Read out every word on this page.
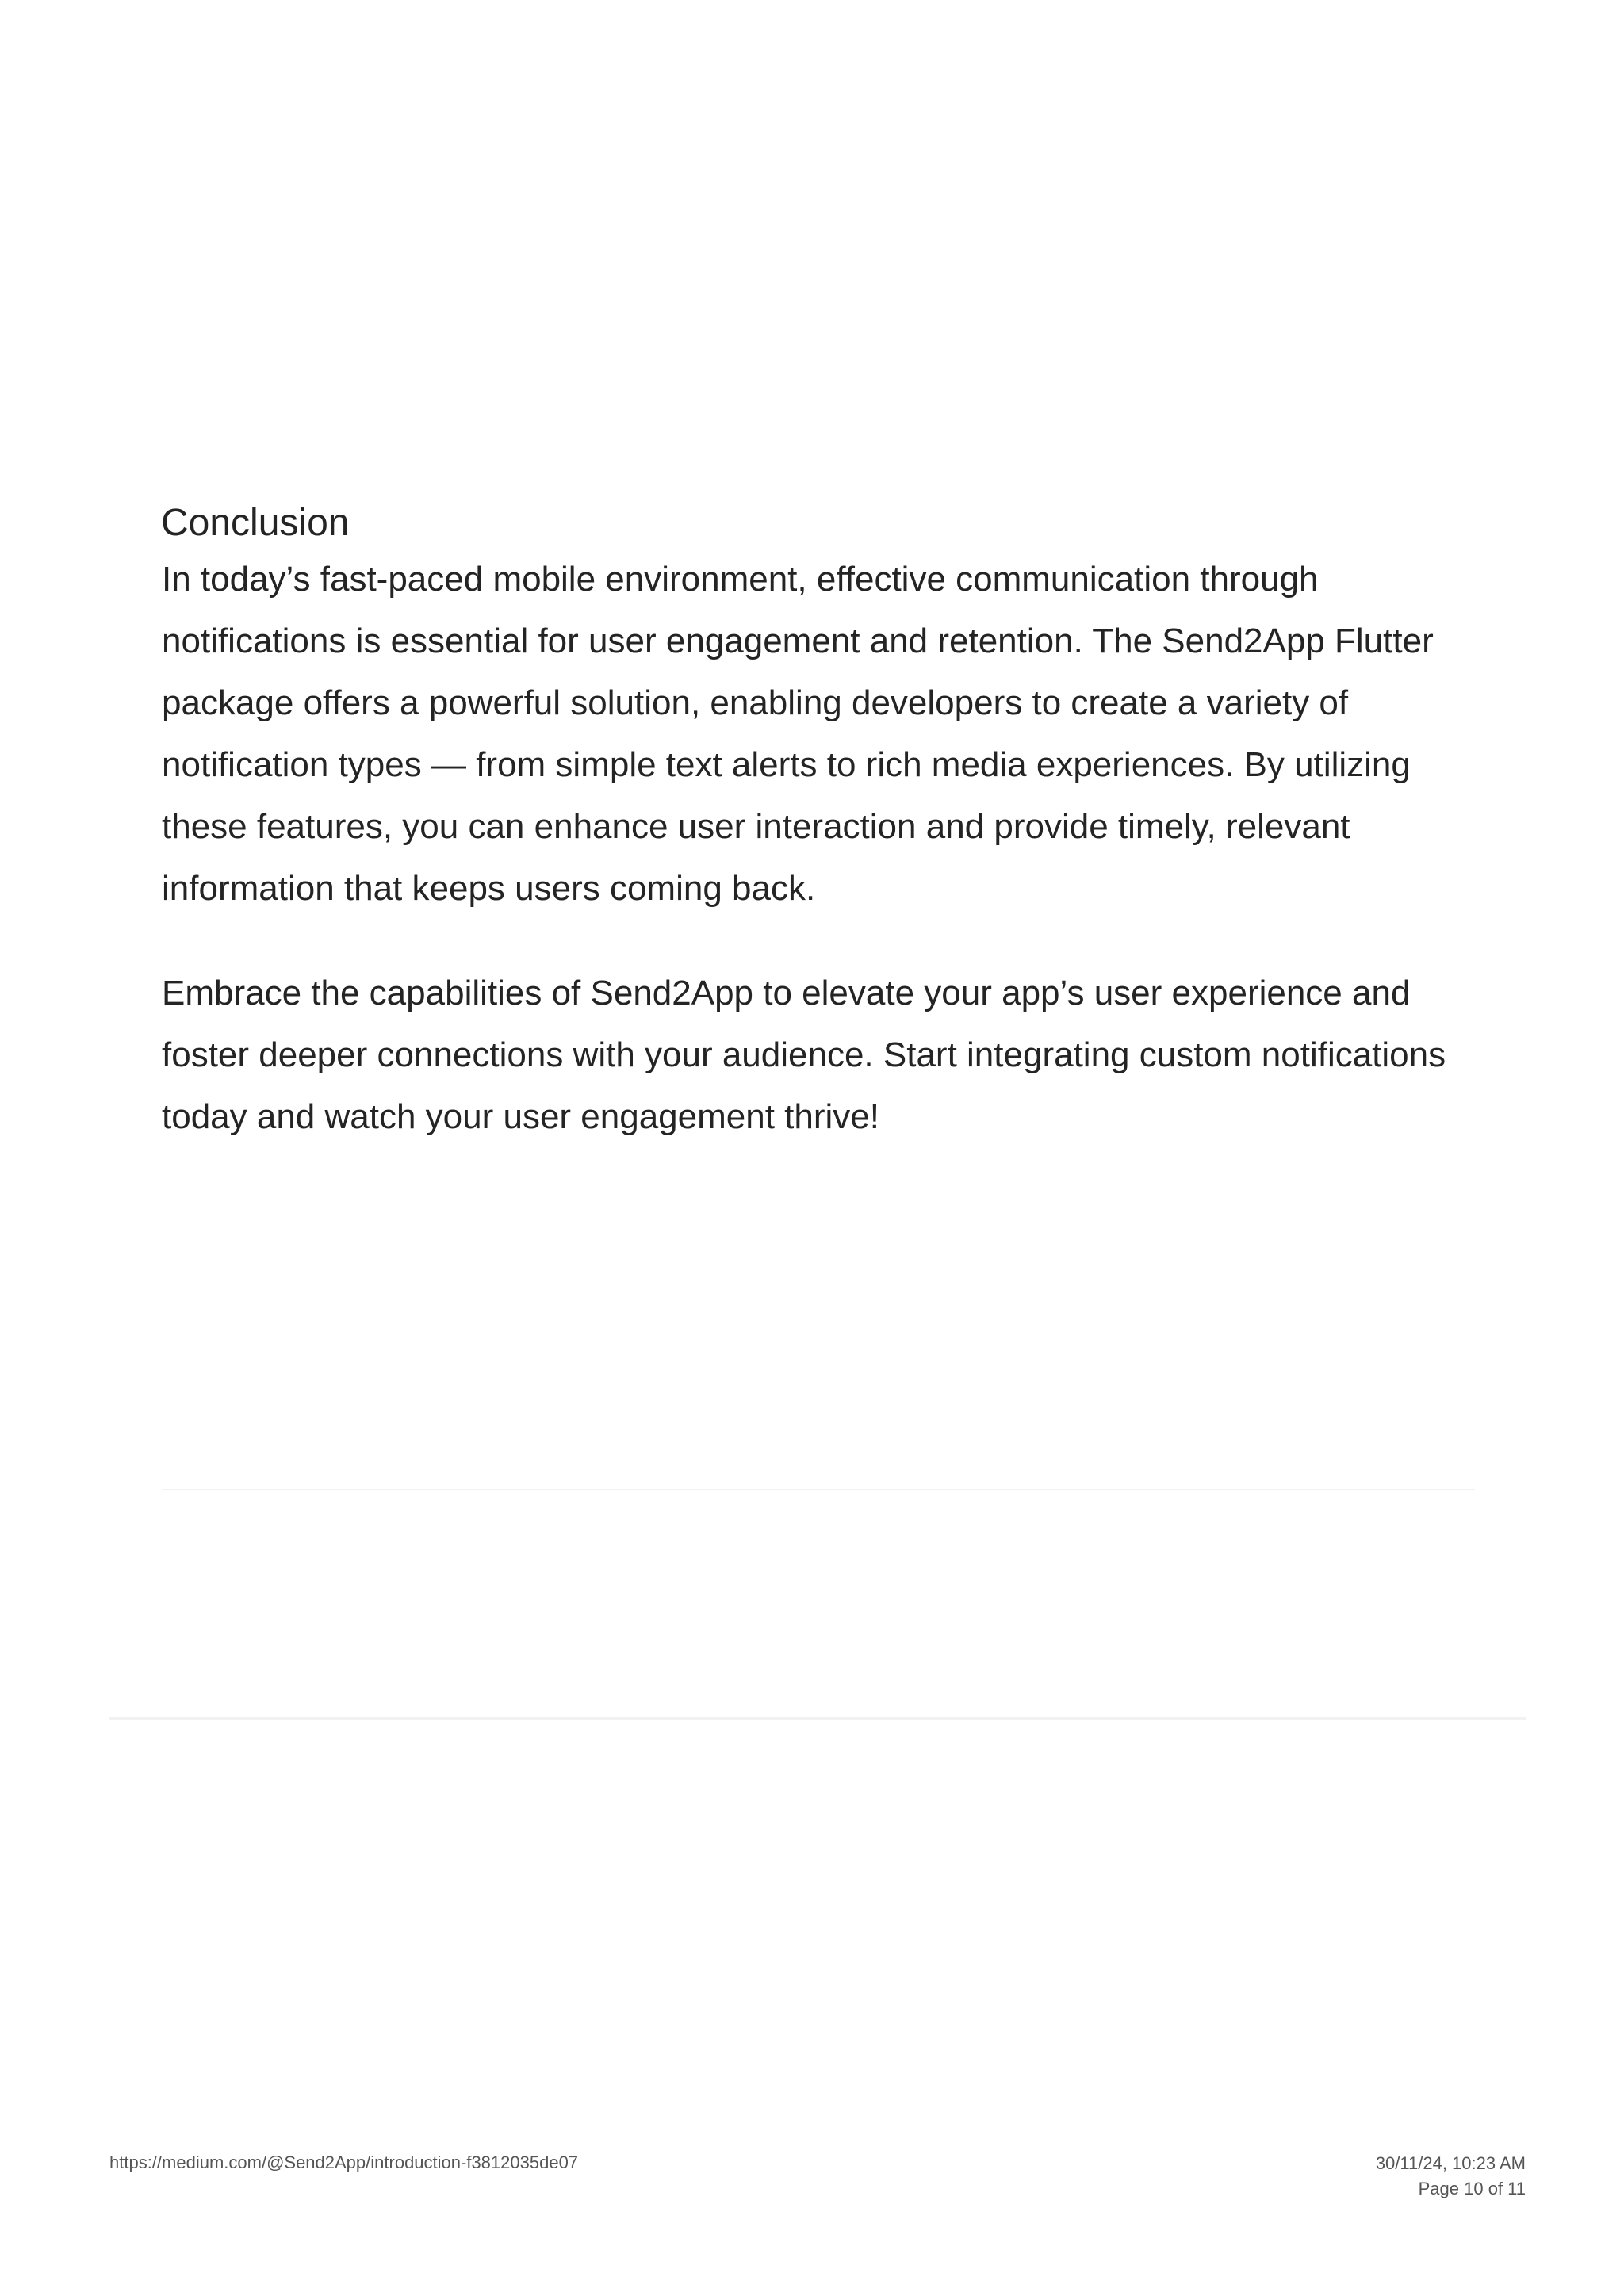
Conclusion

In today’s fast-paced mobile environment, effective communication through notifications is essential for user engagement and retention. The Send2App Flutter package offers a powerful solution, enabling developers to create a variety of notification types — from simple text alerts to rich media experiences. By utilizing these features, you can enhance user interaction and provide timely, relevant information that keeps users coming back.

Embrace the capabilities of Send2App to elevate your app’s user experience and foster deeper connections with your audience. Start integrating custom notifications today and watch your user engagement thrive!

https://medium.com/@Send2App/introduction-f3812035de07	30/11/24, 10:23 AM
Page 10 of 11
